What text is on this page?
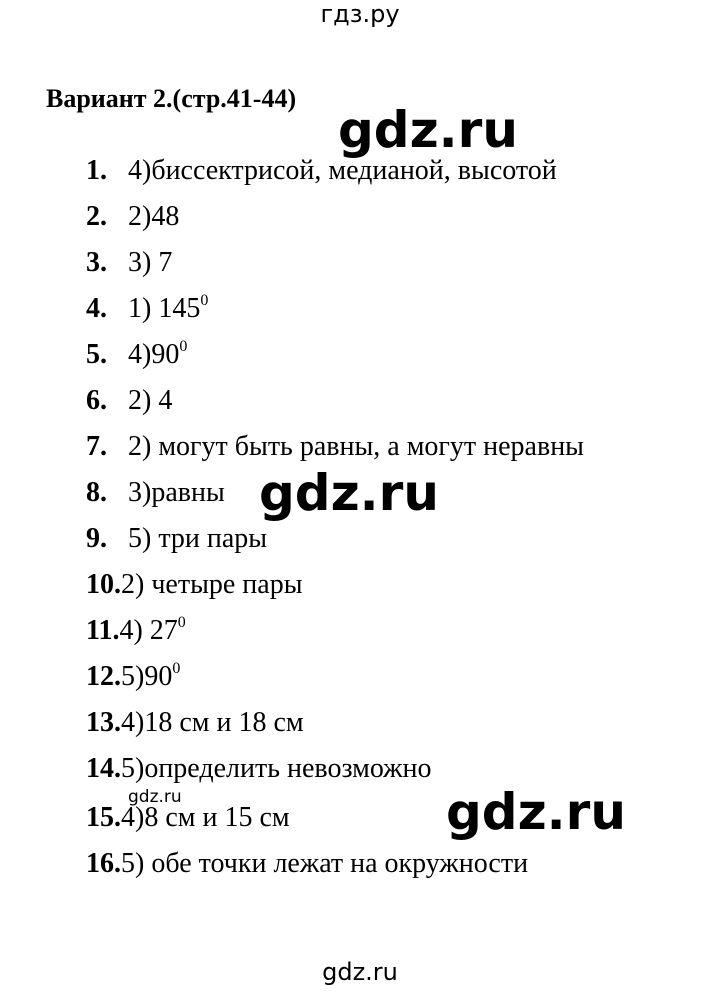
гдз.ру
Вариант 2.(стр.41-44)
gdz.ru
gdz.ru
gdz.ru
gdz.ru
1. 4)биссектрисой, медианой, высотой
2. 2)48
3. 3) 7
4. 1) $145^0$
5. $4)90^0$
6. 2) 4
7. 2) могут быть равны, а могут неравны
8. 3)равны
9. 5) три пары
10.2) четыре пары
11.4) $27^0$
$12.5)90^0$
13.4)18 см и 18 см
14.5)определить невозможно
15.4)8 см и 15 см
16.5) обе точки лежат на окружности
gdz.ru
